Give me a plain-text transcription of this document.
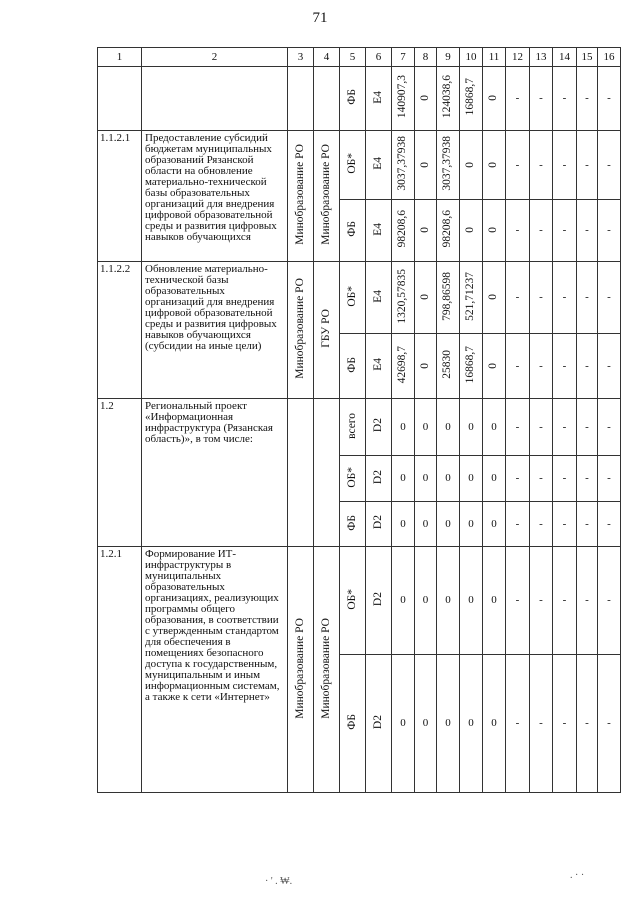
71
1	2	3	4	5	6	7	8	9	10	11	12	13	14	15	16
				ФБ	Е4	140907,3	0	124038,6	16868,7	0	-	-	-	-	-
1.1.2.1	Предоставление субсидий бюджетам муниципальных образований Рязанской области на обновление материально-технической базы образовательных организаций для внедрения цифровой образовательной среды и развития цифровых навыков обучающихся	Минобразование РО	Минобразование РО	ОБ*	Е4	3037,37938	0	3037,37938	0	0	-	-	-	-	-
				ФБ	Е4	98208,6	0	98208,6	0	0	-	-	-	-	-
1.1.2.2	Обновление материально-технической базы образовательных организаций для внедрения цифровой образовательной среды и развития цифровых навыков обучающихся (субсидии на иные цели)	Минобразование РО	ГБУ РО	ОБ*	Е4	1320,57835	0	798,86598	521,71237	0	-	-	-	-	-
				ФБ	Е4	42698,7	0	25830	16868,7	0	-	-	-	-	-
1.2	Региональный проект «Информационная инфраструктура (Рязанская область)», в том числе:			всего	D2	0	0	0	0	0	-	-	-	-	-
				ОБ*	D2	0	0	0	0	0	-	-	-	-	-
				ФБ	D2	0	0	0	0	0	-	-	-	-	-
1.2.1	Формирование ИТ-инфраструктуры в муниципальных образовательных организациях, реализующих программы общего образования, в соответствии с утвержденным стандартом для обеспечения в помещениях безопасного доступа к государственным, муниципальным и иным информационным системам, а также к сети «Интернет»	Минобразование РО	Минобразование РО	ОБ*	D2	0	0	0	0	0	-	-	-	-	-
				ФБ	D2	0	0	0	0	0	-	-	-	-	-
· ' . ₩.
. · ·
